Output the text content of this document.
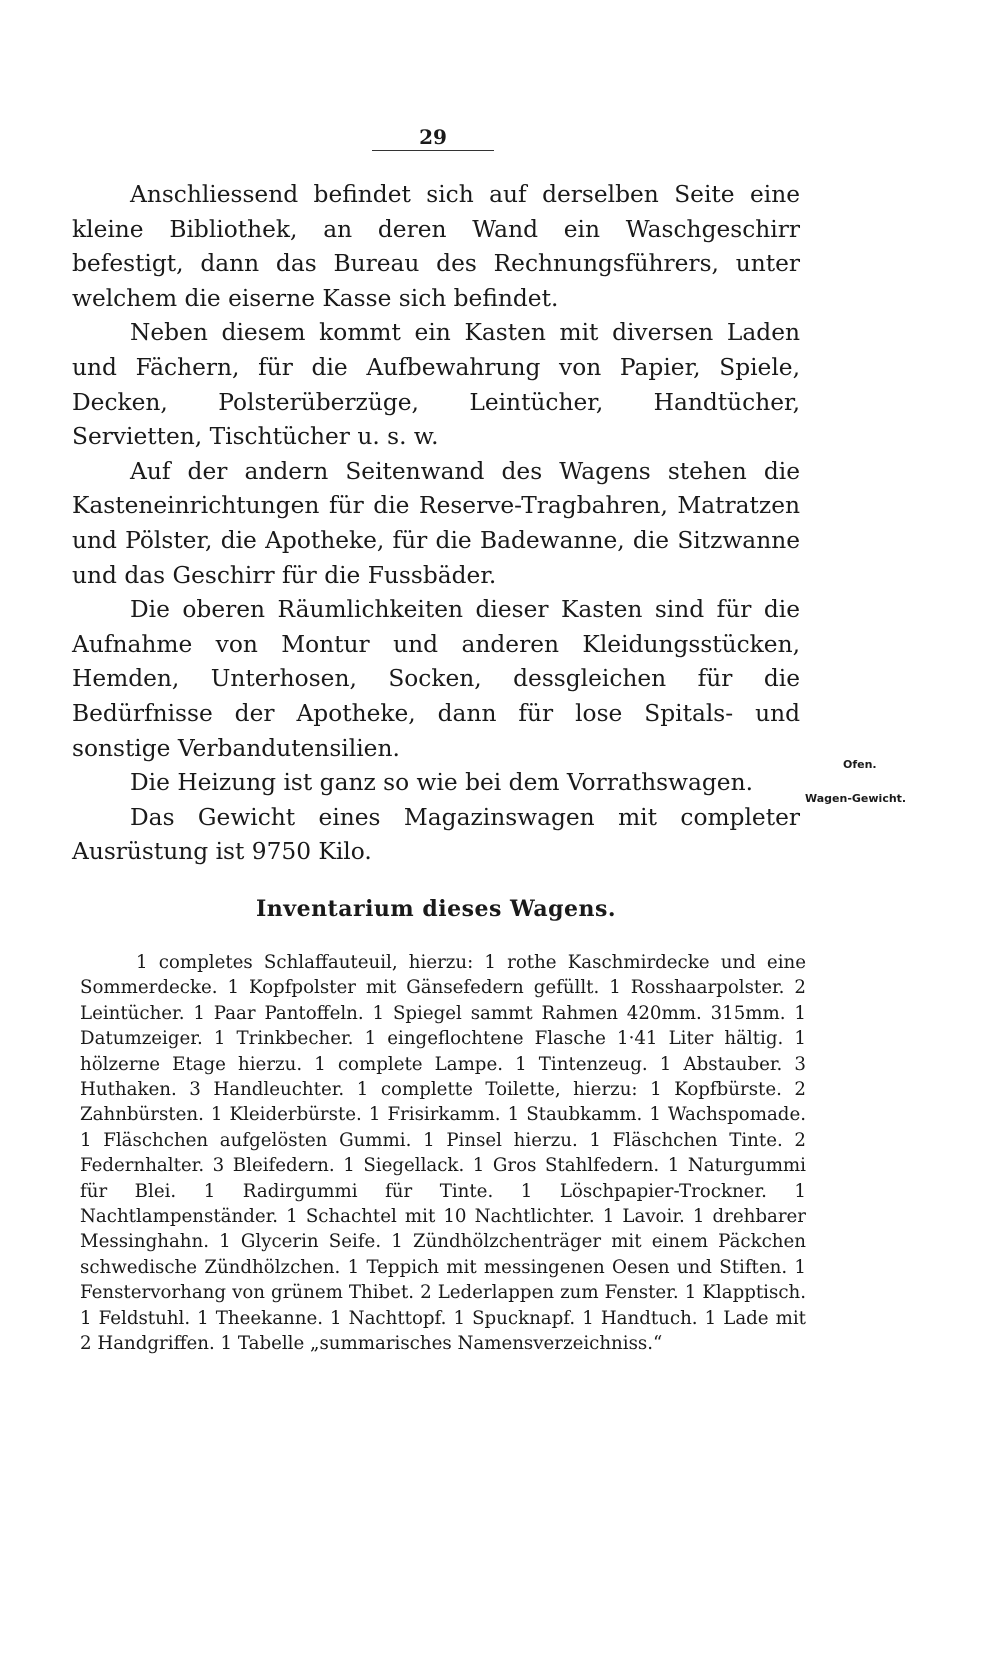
29

Anschliessend befindet sich auf derselben Seite eine kleine Bibliothek, an deren Wand ein Waschgeschirr befestigt, dann das Bureau des Rechnungsführers, unter welchem die eiserne Kasse sich befindet.

Neben diesem kommt ein Kasten mit diversen Laden und Fächern, für die Aufbewahrung von Papier, Spiele, Decken, Polsterüberzüge, Leintücher, Handtücher, Servietten, Tischtücher u. s. w.

Auf der andern Seitenwand des Wagens stehen die Kasteneinrichtungen für die Reserve-Tragbahren, Matratzen und Pölster, die Apotheke, für die Badewanne, die Sitzwanne und das Geschirr für die Fussbäder.

Die oberen Räumlichkeiten dieser Kasten sind für die Aufnahme von Montur und anderen Kleidungsstücken, Hemden, Unterhosen, Socken, dessgleichen für die Bedürfnisse der Apotheke, dann für lose Spitals- und sonstige Verbandutensilien.

Die Heizung ist ganz so wie bei dem Vorrathswagen.

Das Gewicht eines Magazinswagen mit completer Ausrüstung ist 9750 Kilo.

Ofen.
Wagen-Gewicht.
Inventarium dieses Wagens.

1 completes Schlaffauteuil, hierzu: 1 rothe Kaschmirdecke und eine Sommerdecke. 1 Kopfpolster mit Gänsefedern gefüllt. 1 Rosshaarpolster. 2 Leintücher. 1 Paar Pantoffeln. 1 Spiegel sammt Rahmen 420mm. 315mm. 1 Datumzeiger. 1 Trinkbecher. 1 eingeflochtene Flasche 1·41 Liter hältig. 1 hölzerne Etage hierzu. 1 complete Lampe. 1 Tintenzeug. 1 Abstauber. 3 Huthaken. 3 Handleuchter. 1 complette Toilette, hierzu: 1 Kopfbürste. 2 Zahnbürsten. 1 Kleiderbürste. 1 Frisirkamm. 1 Staubkamm. 1 Wachspomade. 1 Fläschchen aufgelösten Gummi. 1 Pinsel hierzu. 1 Fläschchen Tinte. 2 Federnhalter. 3 Bleifedern. 1 Siegellack. 1 Gros Stahlfedern. 1 Naturgummi für Blei. 1 Radirgummi für Tinte. 1 Löschpapier-Trockner. 1 Nachtlampenständer. 1 Schachtel mit 10 Nachtlichter. 1 Lavoir. 1 drehbarer Messinghahn. 1 Glycerin Seife. 1 Zündhölzchenträger mit einem Päckchen schwedische Zündhölzchen. 1 Teppich mit messingenen Oesen und Stiften. 1 Fenstervorhang von grünem Thibet. 2 Lederlappen zum Fenster. 1 Klapptisch. 1 Feldstuhl. 1 Theekanne. 1 Nachttopf. 1 Spucknapf. 1 Handtuch. 1 Lade mit 2 Handgriffen. 1 Tabelle „summarisches Namensverzeichniss.“
